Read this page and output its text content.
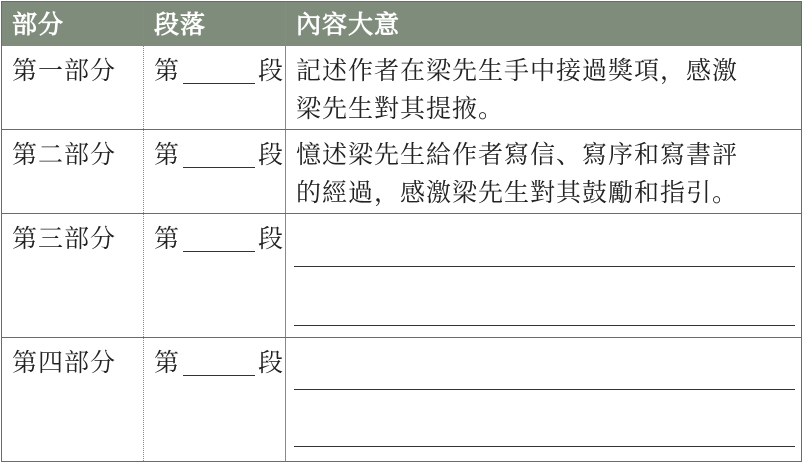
部分	段落	內容大意
第一部分 第	段 記述作者在梁先生手中接過獎項，感激
梁先生對其提掖。
第二部分 第	段 憶述梁先生給作者寫信、寫序和寫書評
的經過，感激梁先生對其鼓勵和指引。
第三部分 第	段
第四部分 第	段
